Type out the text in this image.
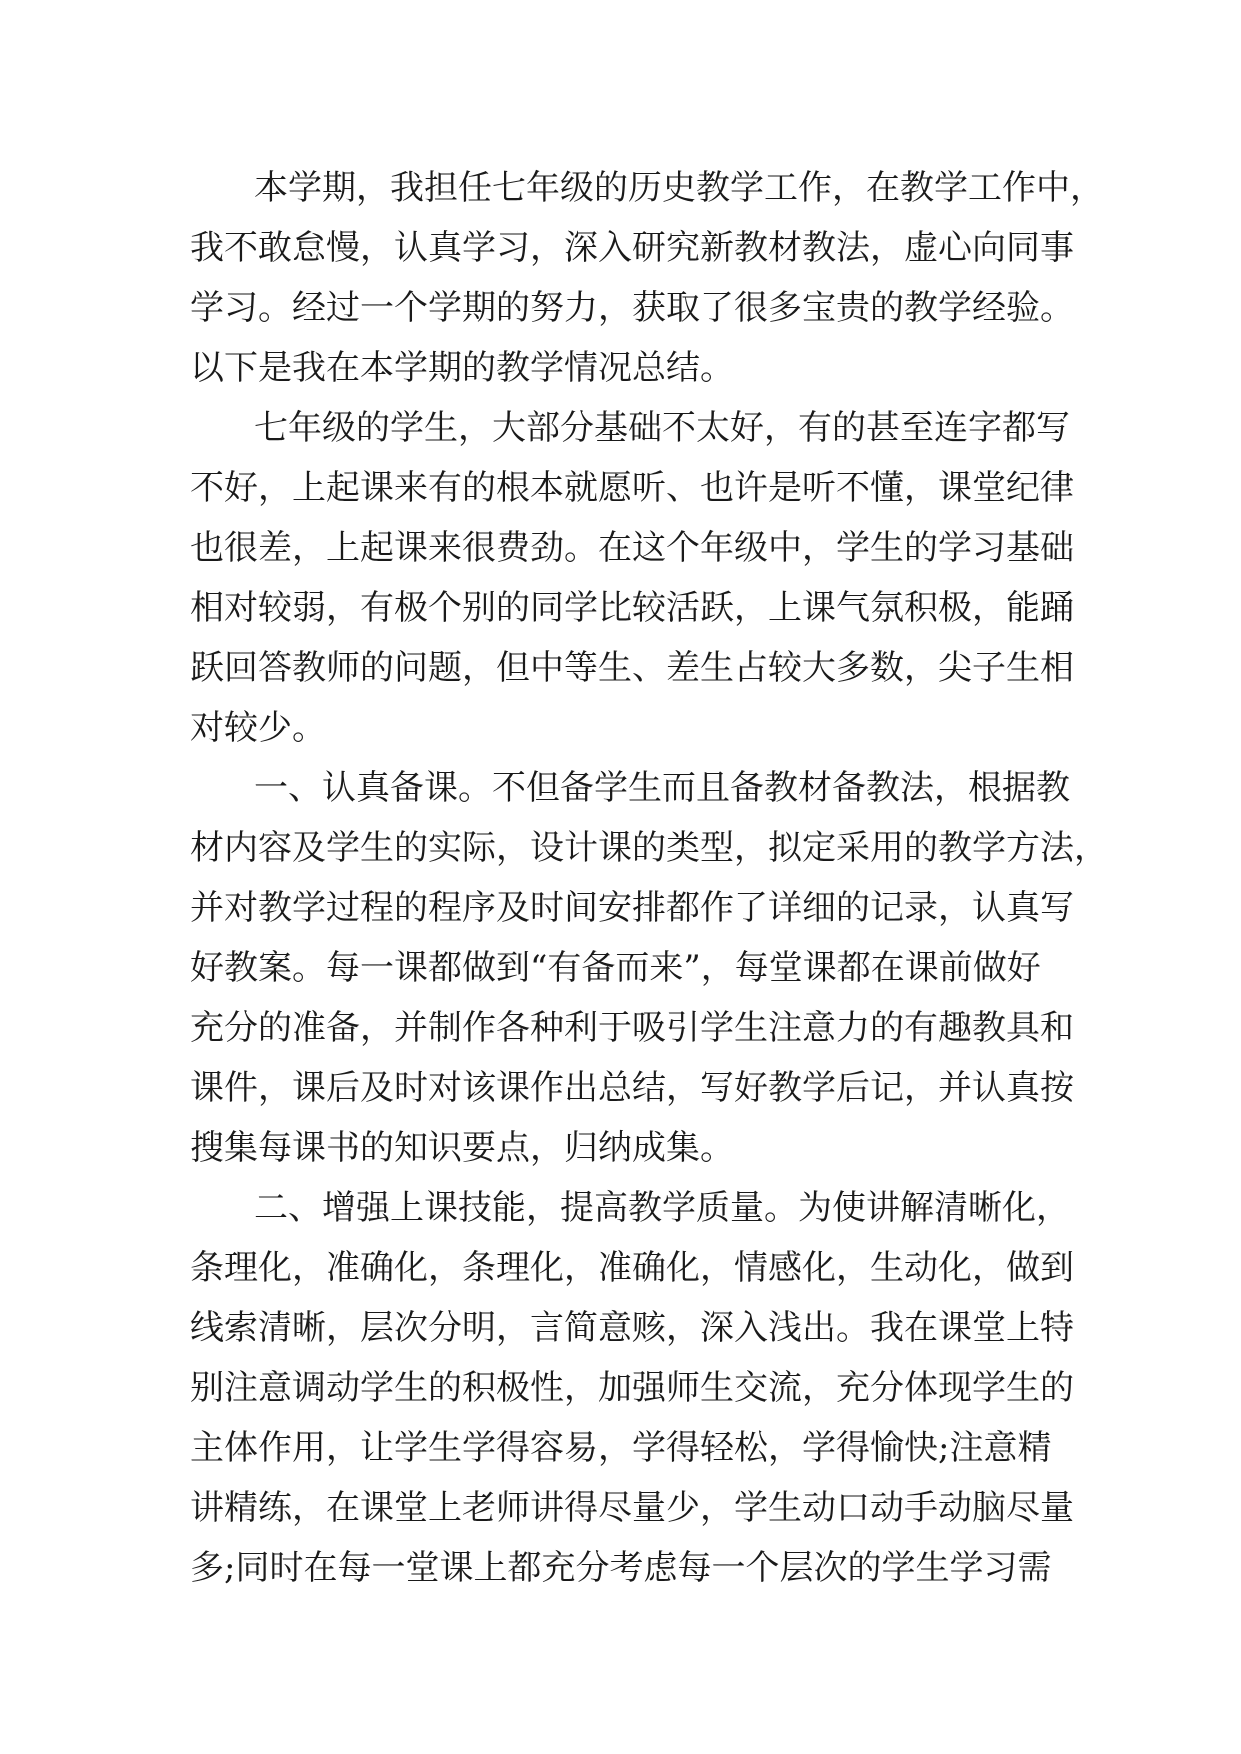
本学期，我担任七年级的历史教学工作，在教学工作中，
我不敢怠慢，认真学习，深入研究新教材教法，虚心向同事
学习。经过一个学期的努力，获取了很多宝贵的教学经验。
以下是我在本学期的教学情况总结。
七年级的学生，大部分基础不太好，有的甚至连字都写
不好，上起课来有的根本就愿听、也许是听不懂，课堂纪律
也很差，上起课来很费劲。在这个年级中，学生的学习基础
相对较弱，有极个别的同学比较活跃，上课气氛积极，能踊
跃回答教师的问题，但中等生、差生占较大多数，尖子生相
对较少。
一、认真备课。不但备学生而且备教材备教法，根据教
材内容及学生的实际，设计课的类型，拟定采用的教学方法，
并对教学过程的程序及时间安排都作了详细的记录，认真写
好教案。每一课都做到“有备而来”，每堂课都在课前做好
充分的准备，并制作各种利于吸引学生注意力的有趣教具和
课件，课后及时对该课作出总结，写好教学后记，并认真按
搜集每课书的知识要点，归纳成集。
二、增强上课技能，提高教学质量。为使讲解清晰化，
条理化，准确化，条理化，准确化，情感化，生动化，做到
线索清晰，层次分明，言简意赅，深入浅出。我在课堂上特
别注意调动学生的积极性，加强师生交流，充分体现学生的
主体作用，让学生学得容易，学得轻松，学得愉快;注意精
讲精练，在课堂上老师讲得尽量少，学生动口动手动脑尽量
多;同时在每一堂课上都充分考虑每一个层次的学生学习需
